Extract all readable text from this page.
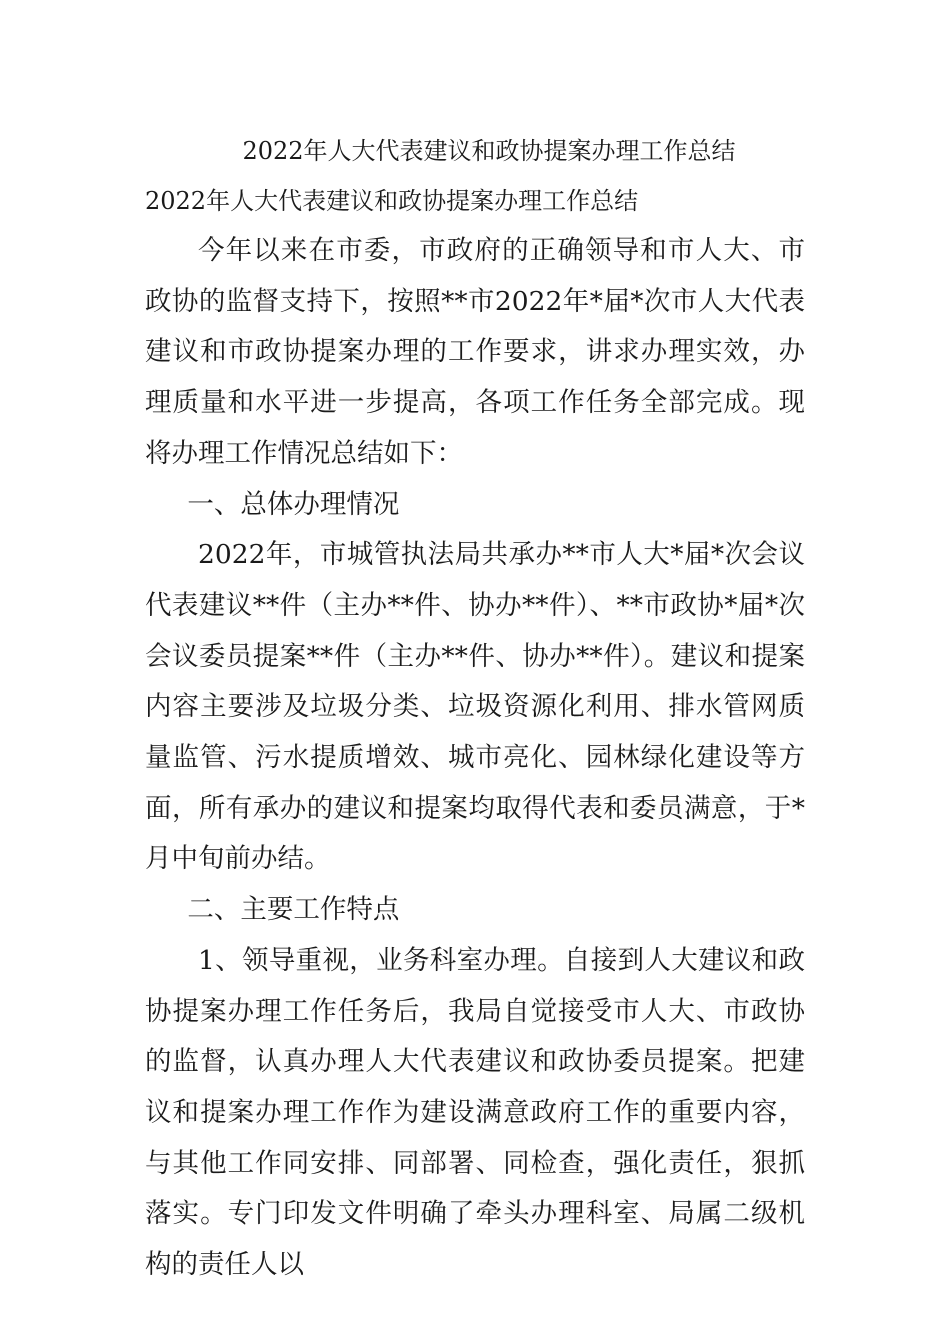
2022年人大代表建议和政协提案办理工作总结
2022年人大代表建议和政协提案办理工作总结

今年以来在市委，市政府的正确领导和市人大、市政协的监督支持下，按照**市2022年*届*次市人大代表建议和市政协提案办理的工作要求，讲求办理实效，办理质量和水平进一步提高，各项工作任务全部完成。现将办理工作情况总结如下：

一、总体办理情况

2022年，市城管执法局共承办**市人大*届*次会议代表建议**件（主办**件、协办**件）、**市政协*届*次会议委员提案**件（主办**件、协办**件）。建议和提案内容主要涉及垃圾分类、垃圾资源化利用、排水管网质量监管、污水提质增效、城市亮化、园林绿化建设等方面，所有承办的建议和提案均取得代表和委员满意，于*月中旬前办结。

二、主要工作特点

1、领导重视，业务科室办理。自接到人大建议和政协提案办理工作任务后，我局自觉接受市人大、市政协的监督，认真办理人大代表建议和政协委员提案。把建议和提案办理工作作为建设满意政府工作的重要内容，与其他工作同安排、同部署、同检查，强化责任，狠抓落实。专门印发文件明确了牵头办理科室、局属二级机构的责任人以
